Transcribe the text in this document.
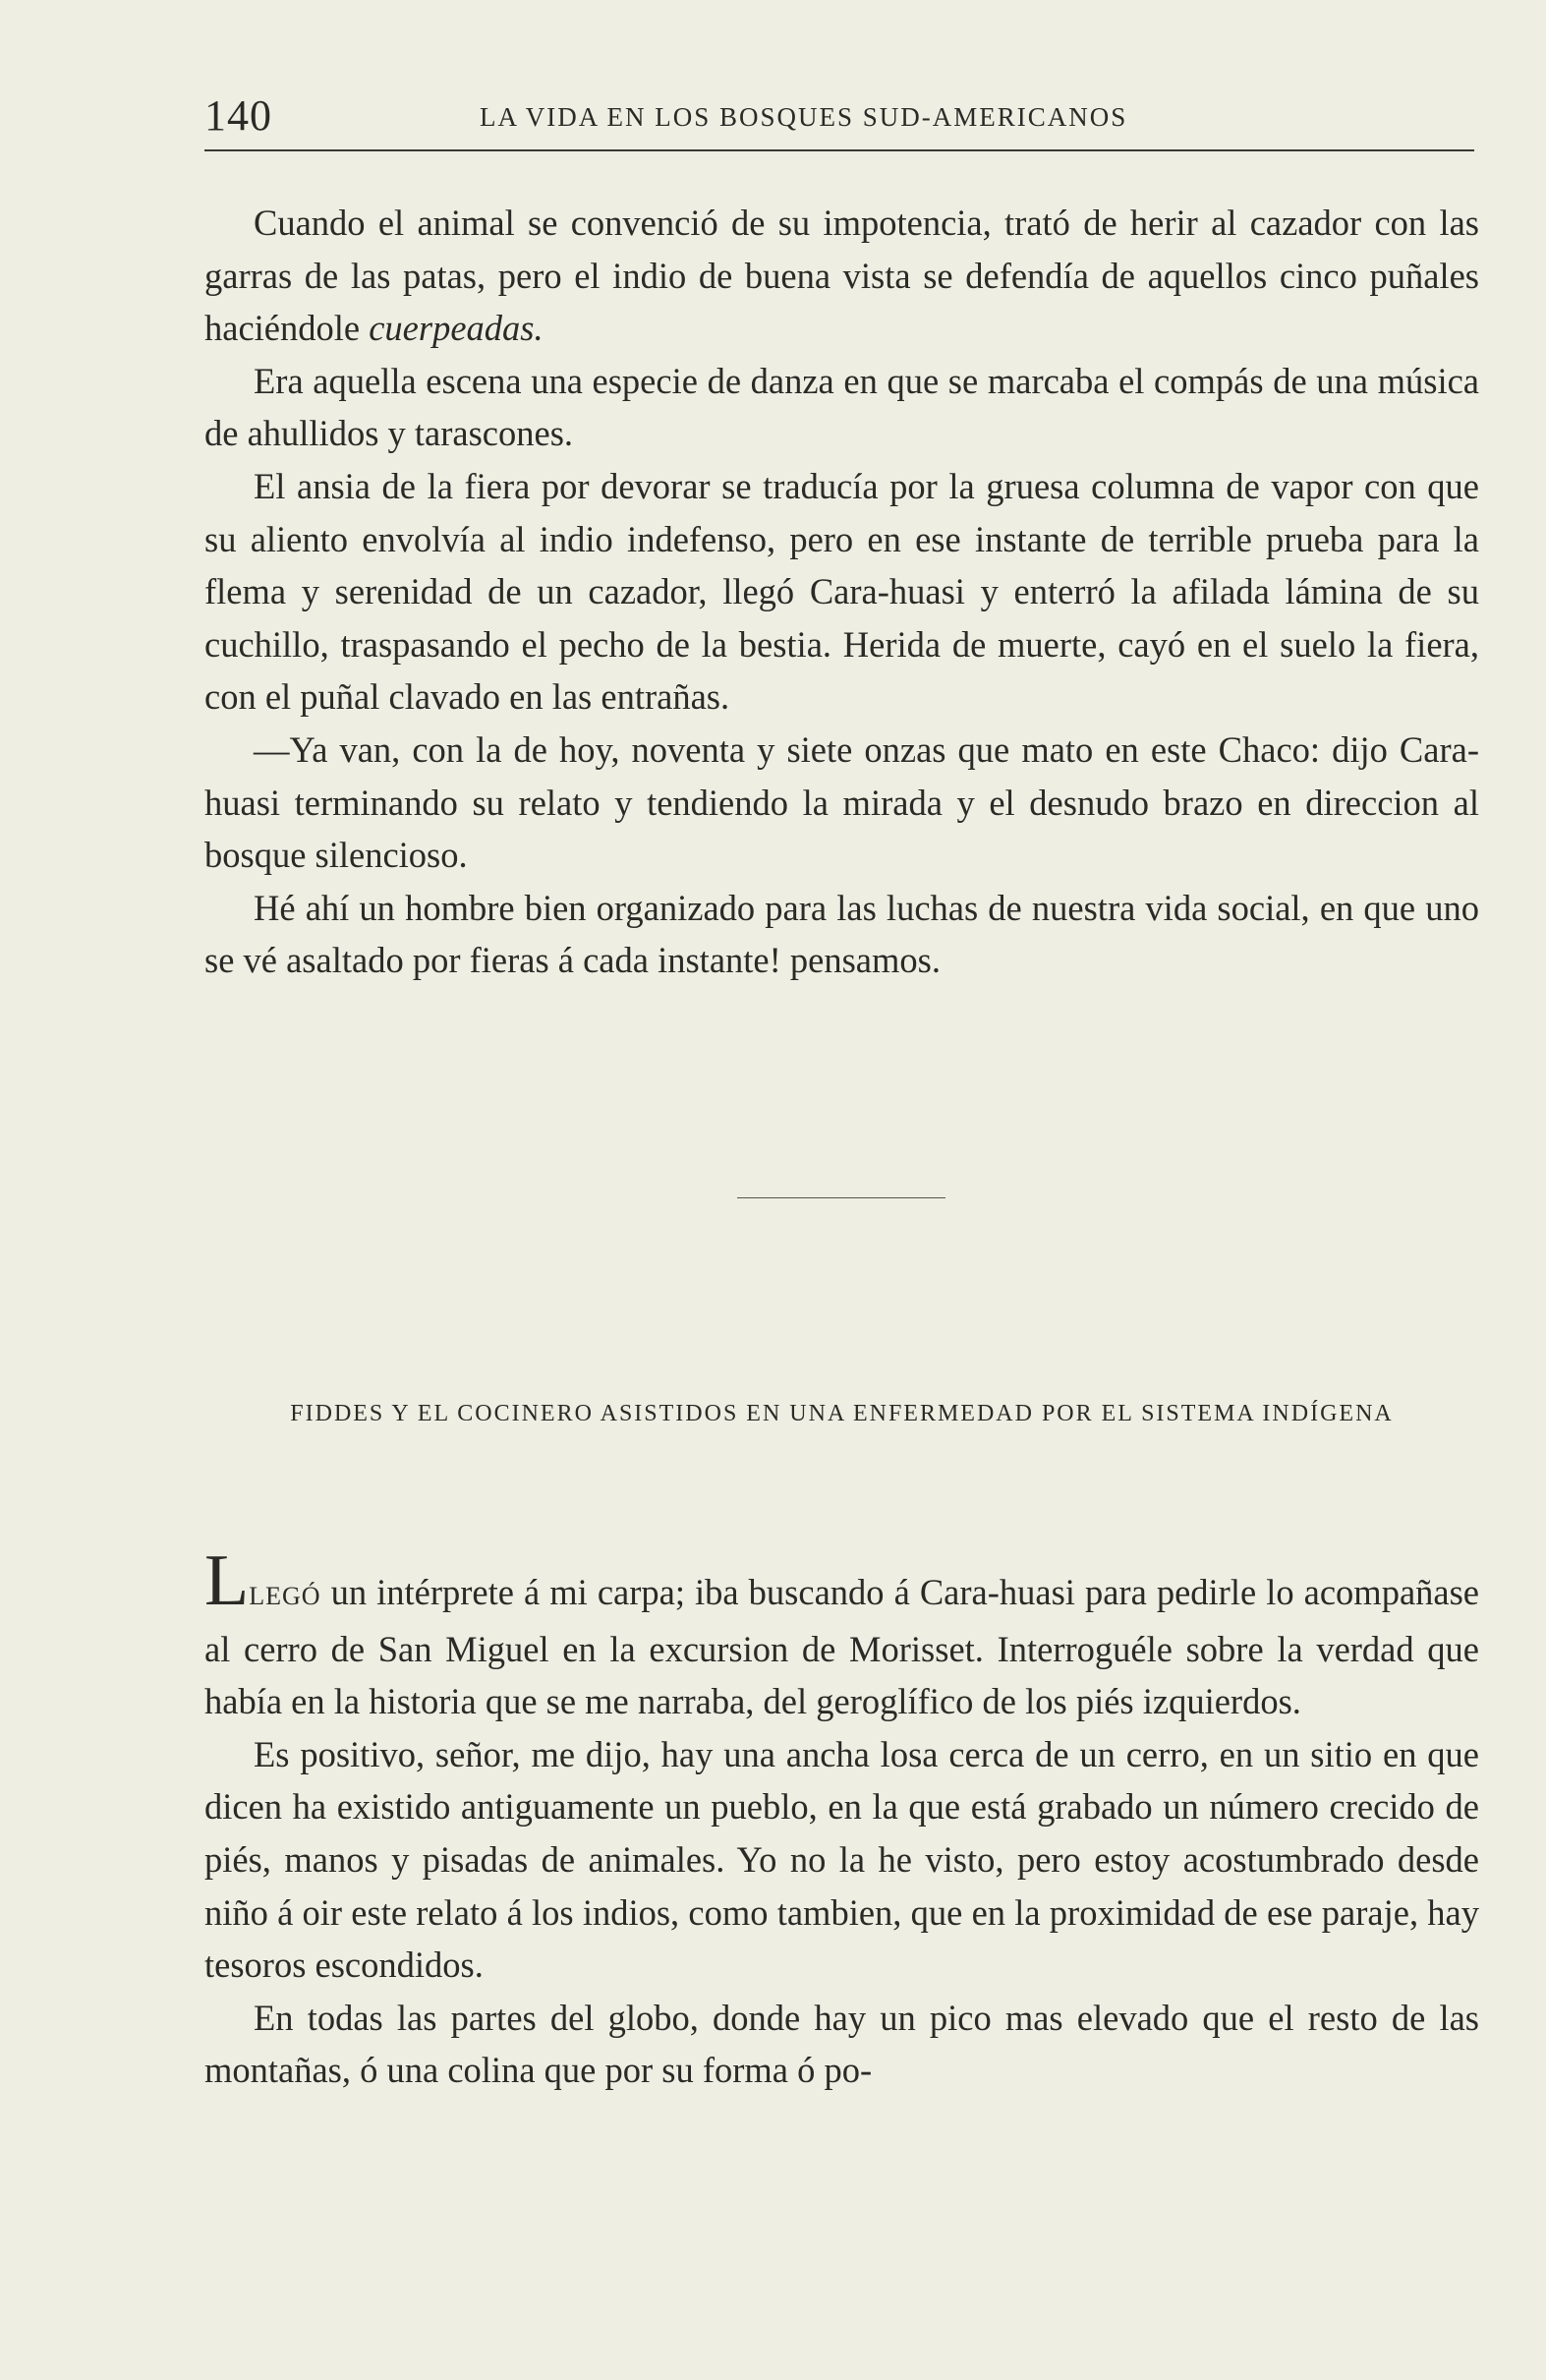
140	LA VIDA EN LOS BOSQUES SUD-AMERICANOS

Cuando el animal se convenció de su impotencia, trató de herir al cazador con las garras de las patas, pero el indio de buena vista se defendía de aquellos cinco puñales haciéndole cuerpeadas.

Era aquella escena una especie de danza en que se marcaba el compás de una música de ahullidos y tarascones.

El ansia de la fiera por devorar se traducía por la gruesa columna de vapor con que su aliento envolvía al indio indefenso, pero en ese instante de terrible prueba para la flema y serenidad de un cazador, llegó Cara-huasi y enterró la afilada lámina de su cuchillo, traspasando el pecho de la bestia. Herida de muerte, cayó en el suelo la fiera, con el puñal clavado en las entrañas.

—Ya van, con la de hoy, noventa y siete onzas que mato en este Chaco: dijo Cara-huasi terminando su relato y tendiendo la mirada y el desnudo brazo en direccion al bosque silencioso.

Hé ahí un hombre bien organizado para las luchas de nuestra vida social, en que uno se vé asaltado por fieras á cada instante! pensamos.

FIDDES Y EL COCINERO ASISTIDOS EN UNA ENFERMEDAD POR EL SISTEMA INDÍGENA

LLEGÓ un intérprete á mi carpa; iba buscando á Cara-huasi para pedirle lo acompañase al cerro de San Miguel en la excursion de Morisset. Interroguéle sobre la verdad que había en la historia que se me narraba, del geroglífico de los piés izquierdos.

Es positivo, señor, me dijo, hay una ancha losa cerca de un cerro, en un sitio en que dicen ha existido antiguamente un pueblo, en la que está grabado un número crecido de piés, manos y pisadas de animales. Yo no la he visto, pero estoy acostumbrado desde niño á oir este relato á los indios, como tambien, que en la proximidad de ese paraje, hay tesoros escondidos.

En todas las partes del globo, donde hay un pico mas elevado que el resto de las montañas, ó una colina que por su forma ó po-
